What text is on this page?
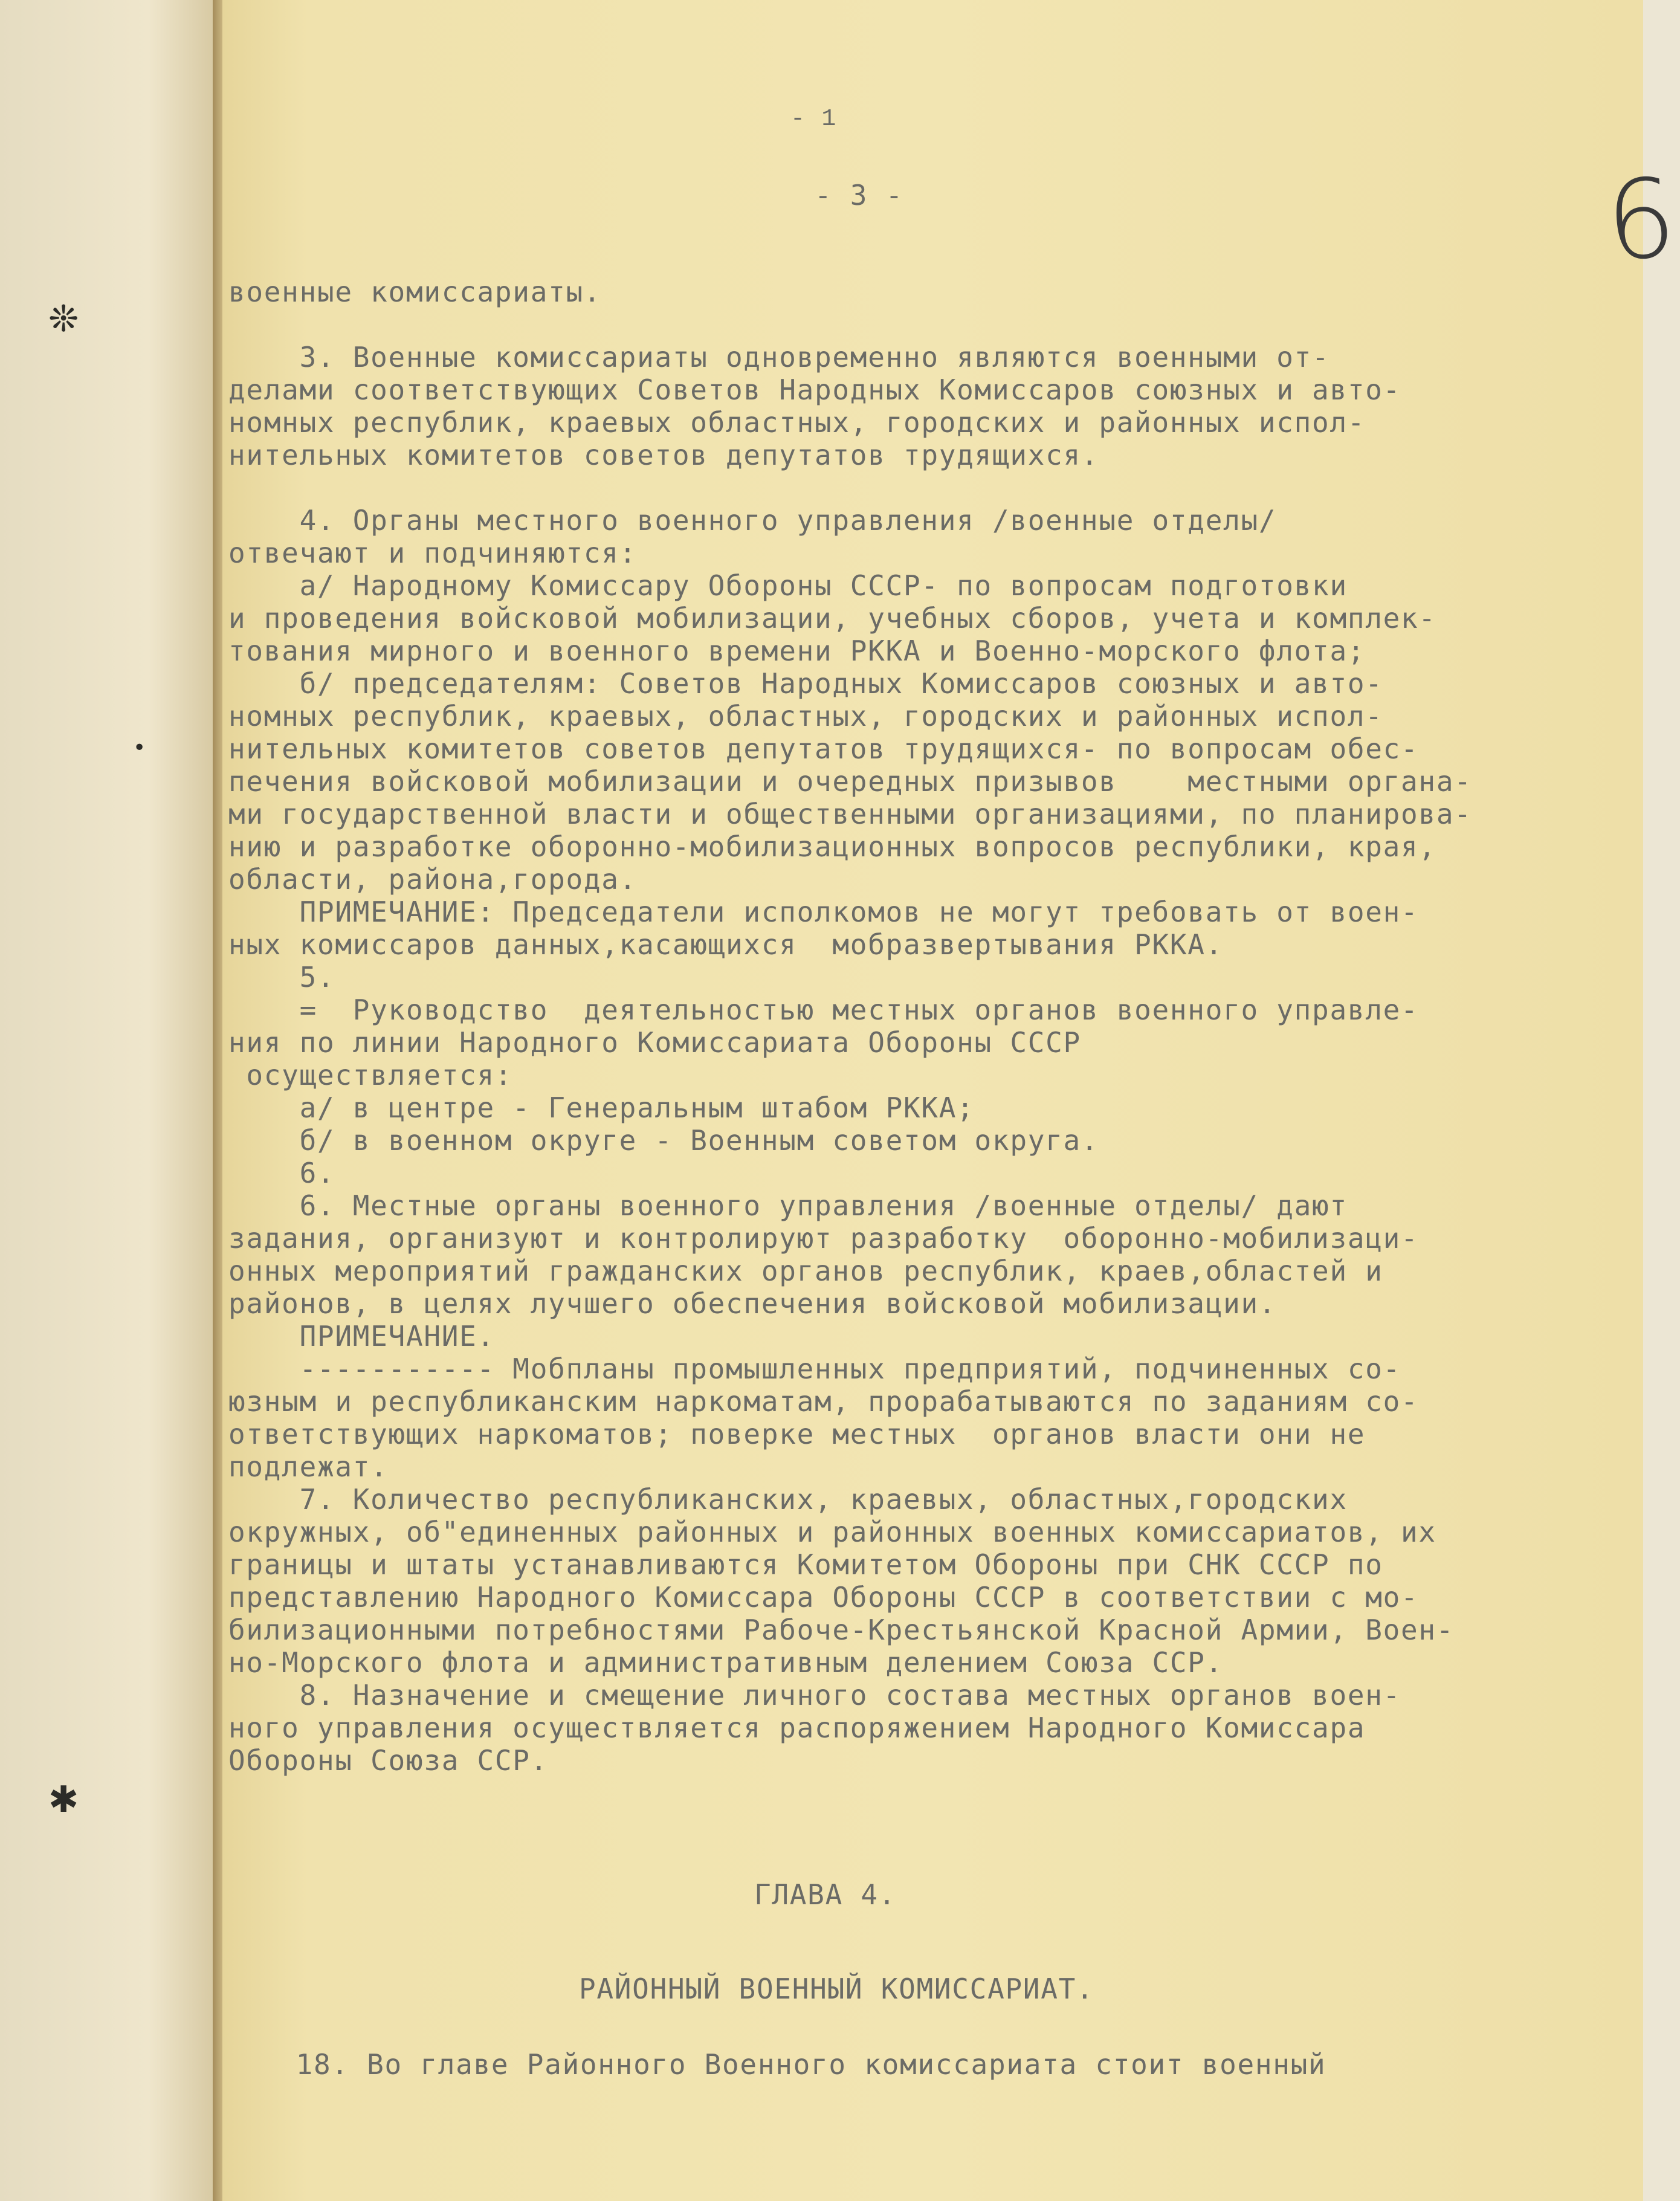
❊
•
✱
- 1
- 3 -	6
военные комиссариаты.
3. Военные комиссариаты одновременно являются военными от-
делами соответствующих Советов Народных Комиссаров союзных и авто-
номных республик, краевых областных, городских и районных испол-
нительных комитетов советов депутатов трудящихся.
4. Органы местного военного управления /военные отделы/
отвечают и подчиняются:
а/ Народному Комиссару Обороны СССР- по вопросам подготовки
и проведения войсковой мобилизации, учебных сборов, учета и комплек-
тования мирного и военного времени РККА и Военно-морского флота;
б/ председателям: Советов Народных Комиссаров союзных и авто-
номных республик, краевых, областных, городских и районных испол-
нительных комитетов советов депутатов трудящихся- по вопросам обес-
печения войсковой мобилизации и очередных призывов    местными органа-
ми государственной власти и общественными организациями, по планирова-
нию и разработке оборонно-мобилизационных вопросов республики, края,
области, района,города.
ПРИМЕЧАНИЕ: Председатели исполкомов не могут требовать от воен-
ных комиссаров данных,касающихся  мобразвертывания РККА.
5.
=  Руководство  деятельностью местных органов военного управле-
ния по линии Народного Комиссариата Обороны СССР
осуществляется:
а/ в центре - Генеральным штабом РККА;
б/ в военном округе - Военным советом округа.
6.
6. Местные органы военного управления /военные отделы/ дают
задания, организуют и контролируют разработку  оборонно-мобилизаци-
онных мероприятий гражданских органов республик, краев,областей и
районов, в целях лучшего обеспечения войсковой мобилизации.
ПРИМЕЧАНИЕ.
----------- Мобпланы промышленных предприятий, подчиненных со-
юзным и республиканским наркоматам, прорабатываются по заданиям со-
ответствующих наркоматов; поверке местных  органов власти они не
подлежат.
7. Количество республиканских, краевых, областных,городских
окружных, об"единенных районных и районных военных комиссариатов, их
границы и штаты устанавливаются Комитетом Обороны при СНК СССР по
представлению Народного Комиссара Обороны СССР в соответствии с мо-
билизационными потребностями Рабоче-Крестьянской Красной Армии, Воен-
но-Морского флота и административным делением Союза ССР.
8. Назначение и смещение личного состава местных органов воен-
ного управления осуществляется распоряжением Народного Комиссара
Обороны Союза ССР.
ГЛАВА 4.
РАЙОННЫЙ ВОЕННЫЙ КОМИССАРИАТ.
18. Во главе Районного Военного комиссариата стоит военный
